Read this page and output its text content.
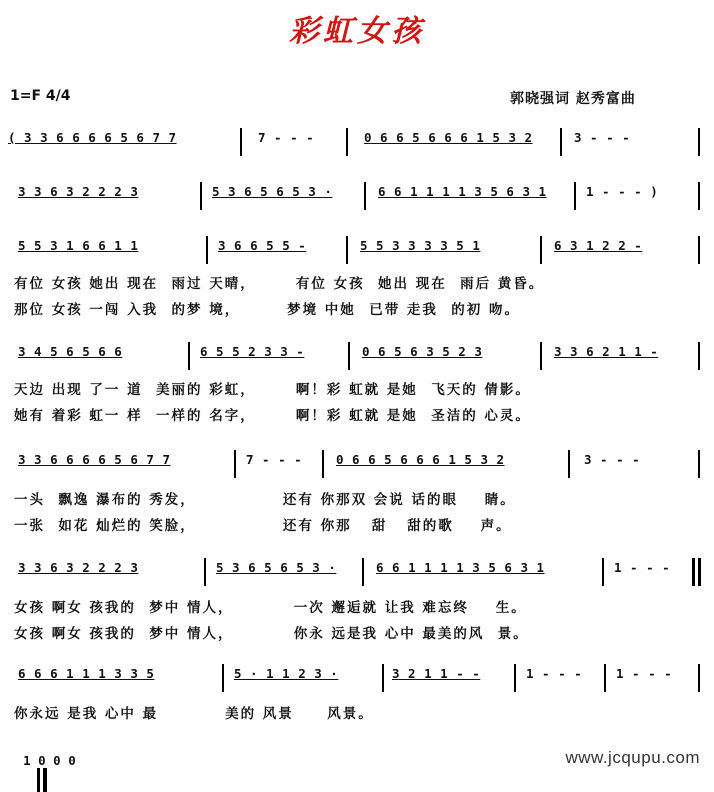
彩虹女孩
1=F 4/4	郭晓强词 赵秀富曲
( 3 3 6 6 6 6 5 6 7 7	7 - - -	0 6 6 5 6 6 6 1 5 3 2	3 - - -
3 3 6 3 2 2 2 3	5 3 6 5 6 5 3 ·	6 6 1 1 1 1 3 5 6 3 1	1 - - - )
5 5 3 1 6 6 1 1	3 6 6 5 5 -	5 5 3 3 3 3 5 1	6 3 1 2 2 -
有位 女孩 她出 现在  雨过 天晴，      有位 女孩  她出 现在  雨后 黄昏。
那位 女孩 一闯 入我  的梦 境，       梦境 中她  已带 走我  的初 吻。
3 4 5 6 5 6 6	6 5 5 2 3 3 -	0 6 5 6 3 5 2 3	3 3 6 2 1 1 -
天边 出现 了一 道  美丽的 彩虹，      啊！彩 虹就 是她  飞天的 倩影。
她有 着彩 虹一 样  一样的 名字，      啊！彩 虹就 是她  圣洁的 心灵。
3 3 6 6 6 6 5 6 7 7	7 - - -	0 6 6 5 6 6 6 1 5 3 2	3 - - -
一头  飘逸 瀑布的 秀发，             还有 你那双 会说 话的眼    睛。
一张  如花 灿烂的 笑脸，             还有 你那   甜   甜的歌    声。
3 3 6 3 2 2 2 3	5 3 6 5 6 5 3 ·	6 6 1 1 1 1 3 5 6 3 1	1 - - -
女孩 啊女 孩我的  梦中 情人，         一次 邂逅就 让我 难忘终    生。
女孩 啊女 孩我的  梦中 情人，         你永 远是我 心中 最美的风  景。
6 6 6 1 1 1 3 3 5	5 · 1 1 2 3 ·	3 2 1 1 - -	1 - - -	1 - - -
你永远 是我 心中 最          美的 风景     风景。

1 0 0 0
	www.jcqupu.com
